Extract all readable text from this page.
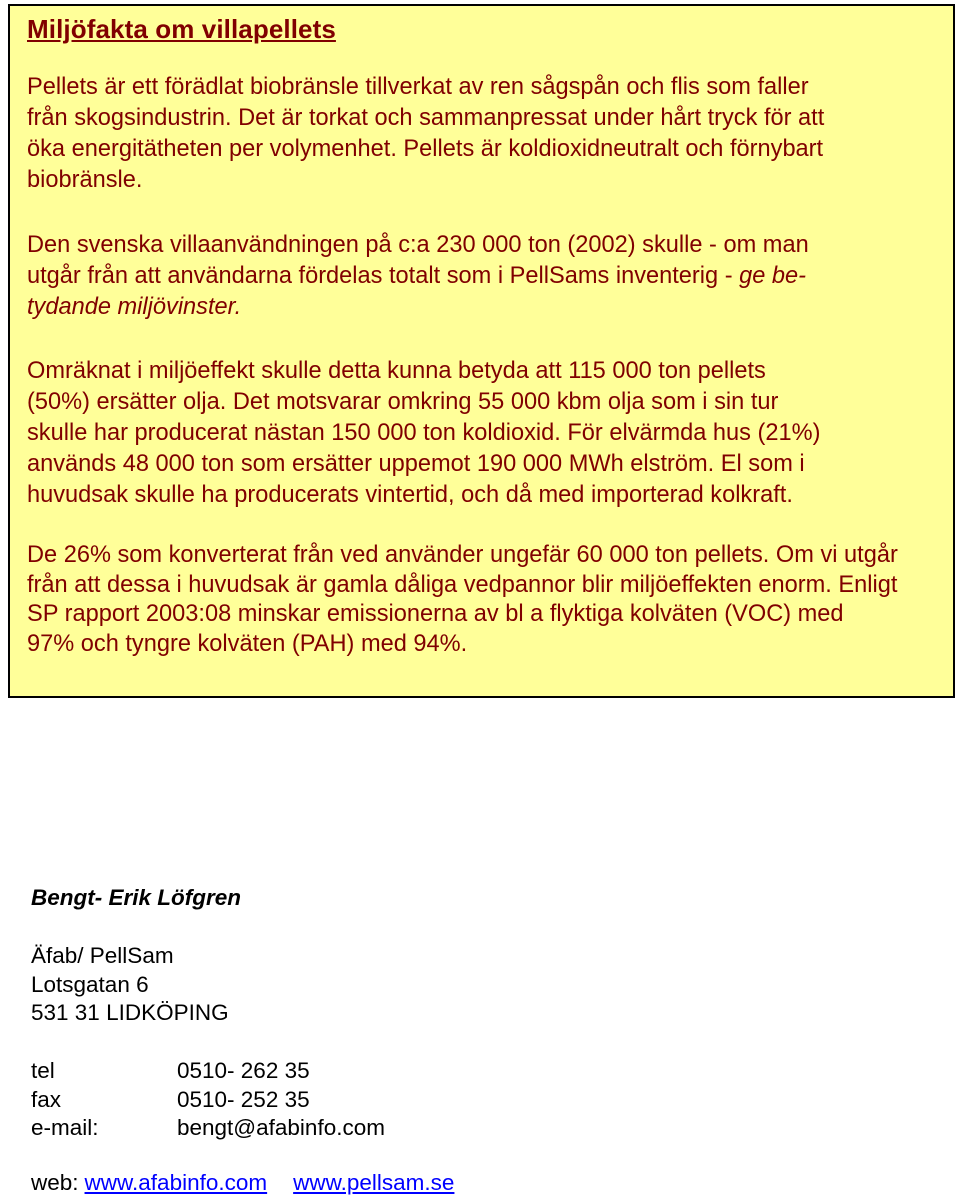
Miljöfakta om villapellets

Pellets är ett förädlat biobränsle tillverkat av ren sågspån och flis som faller
från skogsindustrin. Det är torkat och sammanpressat under hårt tryck för att
öka energitätheten per volymenhet. Pellets är koldioxidneutralt och förnybart
biobränsle.

Den svenska villaanvändningen på c:a 230 000 ton (2002) skulle - om man
utgår från att användarna fördelas totalt som i PellSams inventerig - ge be-
tydande miljövinster.

Omräknat i miljöeffekt skulle detta kunna betyda att 115 000 ton pellets
(50%) ersätter olja. Det motsvarar omkring 55 000 kbm olja som i sin tur
skulle har producerat nästan 150 000 ton koldioxid. För elvärmda hus (21%)
används 48 000 ton som ersätter uppemot 190 000 MWh elström. El som i
huvudsak skulle ha producerats vintertid, och då med importerad kolkraft.

De 26% som konverterat från ved använder ungefär 60 000 ton pellets. Om vi utgår
från att dessa i huvudsak är gamla dåliga vedpannor blir miljöeffekten enorm. Enligt
SP rapport 2003:08 minskar emissionerna av bl a flyktiga kolväten (VOC) med
97% och tyngre kolväten (PAH) med 94%.

Bengt- Erik Löfgren
Äfab/ PellSam
Lotsgatan 6
531 31 LIDKÖPING
tel	0510- 262 35
fax	0510- 252 35
e-mail:	bengt@afabinfo.com
web: www.afabinfo.com www.pellsam.se
